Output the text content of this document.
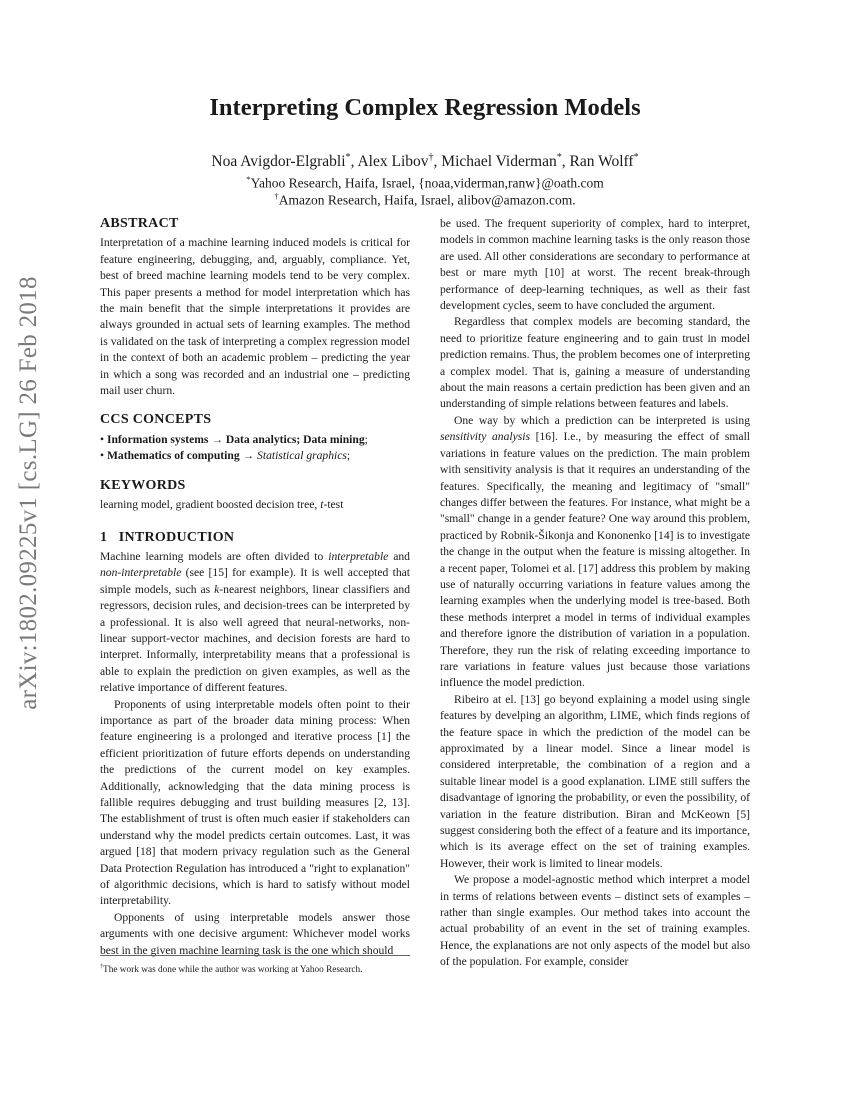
arXiv:1802.09225v1 [cs.LG] 26 Feb 2018
Interpreting Complex Regression Models
Noa Avigdor-Elgrabli*, Alex Libov†, Michael Viderman*, Ran Wolff*
*Yahoo Research, Haifa, Israel, {noaa,viderman,ranw}@oath.com
†Amazon Research, Haifa, Israel, alibov@amazon.com.
ABSTRACT

Interpretation of a machine learning induced models is critical for feature engineering, debugging, and, arguably, compliance. Yet, best of breed machine learning models tend to be very complex. This paper presents a method for model interpretation which has the main benefit that the simple interpretations it provides are always grounded in actual sets of learning examples. The method is validated on the task of interpreting a complex regression model in the context of both an academic problem – predicting the year in which a song was recorded and an industrial one – predicting mail user churn.

CCS CONCEPTS

• Information systems → Data analytics; Data mining;

• Mathematics of computing → Statistical graphics;

KEYWORDS

learning model, gradient boosted decision tree, t-test

1   INTRODUCTION

Machine learning models are often divided to interpretable and non-interpretable (see [15] for example). It is well accepted that simple models, such as k-nearest neighbors, linear classifiers and regressors, decision rules, and decision-trees can be interpreted by a professional. It is also well agreed that neural-networks, non-linear support-vector machines, and decision forests are hard to interpret. Informally, interpretability means that a professional is able to explain the prediction on given examples, as well as the relative importance of different features.

Proponents of using interpretable models often point to their importance as part of the broader data mining process: When feature engineering is a prolonged and iterative process [1] the efficient prioritization of future efforts depends on understanding the predictions of the current model on key examples. Additionally, acknowledging that the data mining process is fallible requires debugging and trust building measures [2, 13]. The establishment of trust is often much easier if stakeholders can understand why the model predicts certain outcomes. Last, it was argued [18] that modern privacy regulation such as the General Data Protection Regulation has introduced a "right to explanation" of algorithmic decisions, which is hard to satisfy without model interpretability.

Opponents of using interpretable models answer those arguments with one decisive argument: Whichever model works best in the given machine learning task is the one which should

†The work was done while the author was working at Yahoo Research.

be used. The frequent superiority of complex, hard to interpret, models in common machine learning tasks is the only reason those are used. All other considerations are secondary to performance at best or mare myth [10] at worst. The recent break-through performance of deep-learning techniques, as well as their fast development cycles, seem to have concluded the argument.

Regardless that complex models are becoming standard, the need to prioritize feature engineering and to gain trust in model prediction remains. Thus, the problem becomes one of interpreting a complex model. That is, gaining a measure of understanding about the main reasons a certain prediction has been given and an understanding of simple relations between features and labels.

One way by which a prediction can be interpreted is using sensitivity analysis [16]. I.e., by measuring the effect of small variations in feature values on the prediction. The main problem with sensitivity analysis is that it requires an understanding of the features. Specifically, the meaning and legitimacy of "small" changes differ between the features. For instance, what might be a "small" change in a gender feature? One way around this problem, practiced by Robnik-Šikonja and Kononenko [14] is to investigate the change in the output when the feature is missing altogether. In a recent paper, Tolomei et al. [17] address this problem by making use of naturally occurring variations in feature values among the learning examples when the underlying model is tree-based. Both these methods interpret a model in terms of individual examples and therefore ignore the distribution of variation in a population. Therefore, they run the risk of relating exceeding importance to rare variations in feature values just because those variations influence the model prediction.

Ribeiro at el. [13] go beyond explaining a model using single features by develping an algorithm, LIME, which finds regions of the feature space in which the prediction of the model can be approximated by a linear model. Since a linear model is considered interpretable, the combination of a region and a suitable linear model is a good explanation. LIME still suffers the disadvantage of ignoring the probability, or even the possibility, of variation in the feature distribution. Biran and McKeown [5] suggest considering both the effect of a feature and its importance, which is its average effect on the set of training examples. However, their work is limited to linear models.

We propose a model-agnostic method which interpret a model in terms of relations between events – distinct sets of examples – rather than single examples. Our method takes into account the actual probability of an event in the set of training examples. Hence, the explanations are not only aspects of the model but also of the population. For example, consider
